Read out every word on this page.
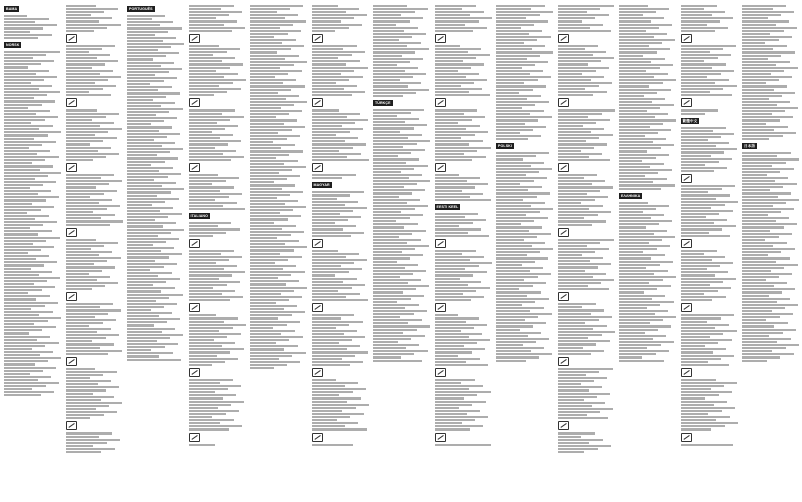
BAMA
NORSK
PORTUGUÊS
ITALIANO
MAGYAR
TÜRKÇE
EESTI KEEL
POLSKI
ΕΛΛΗΝΙΚΑ
繁體中文
日本語
